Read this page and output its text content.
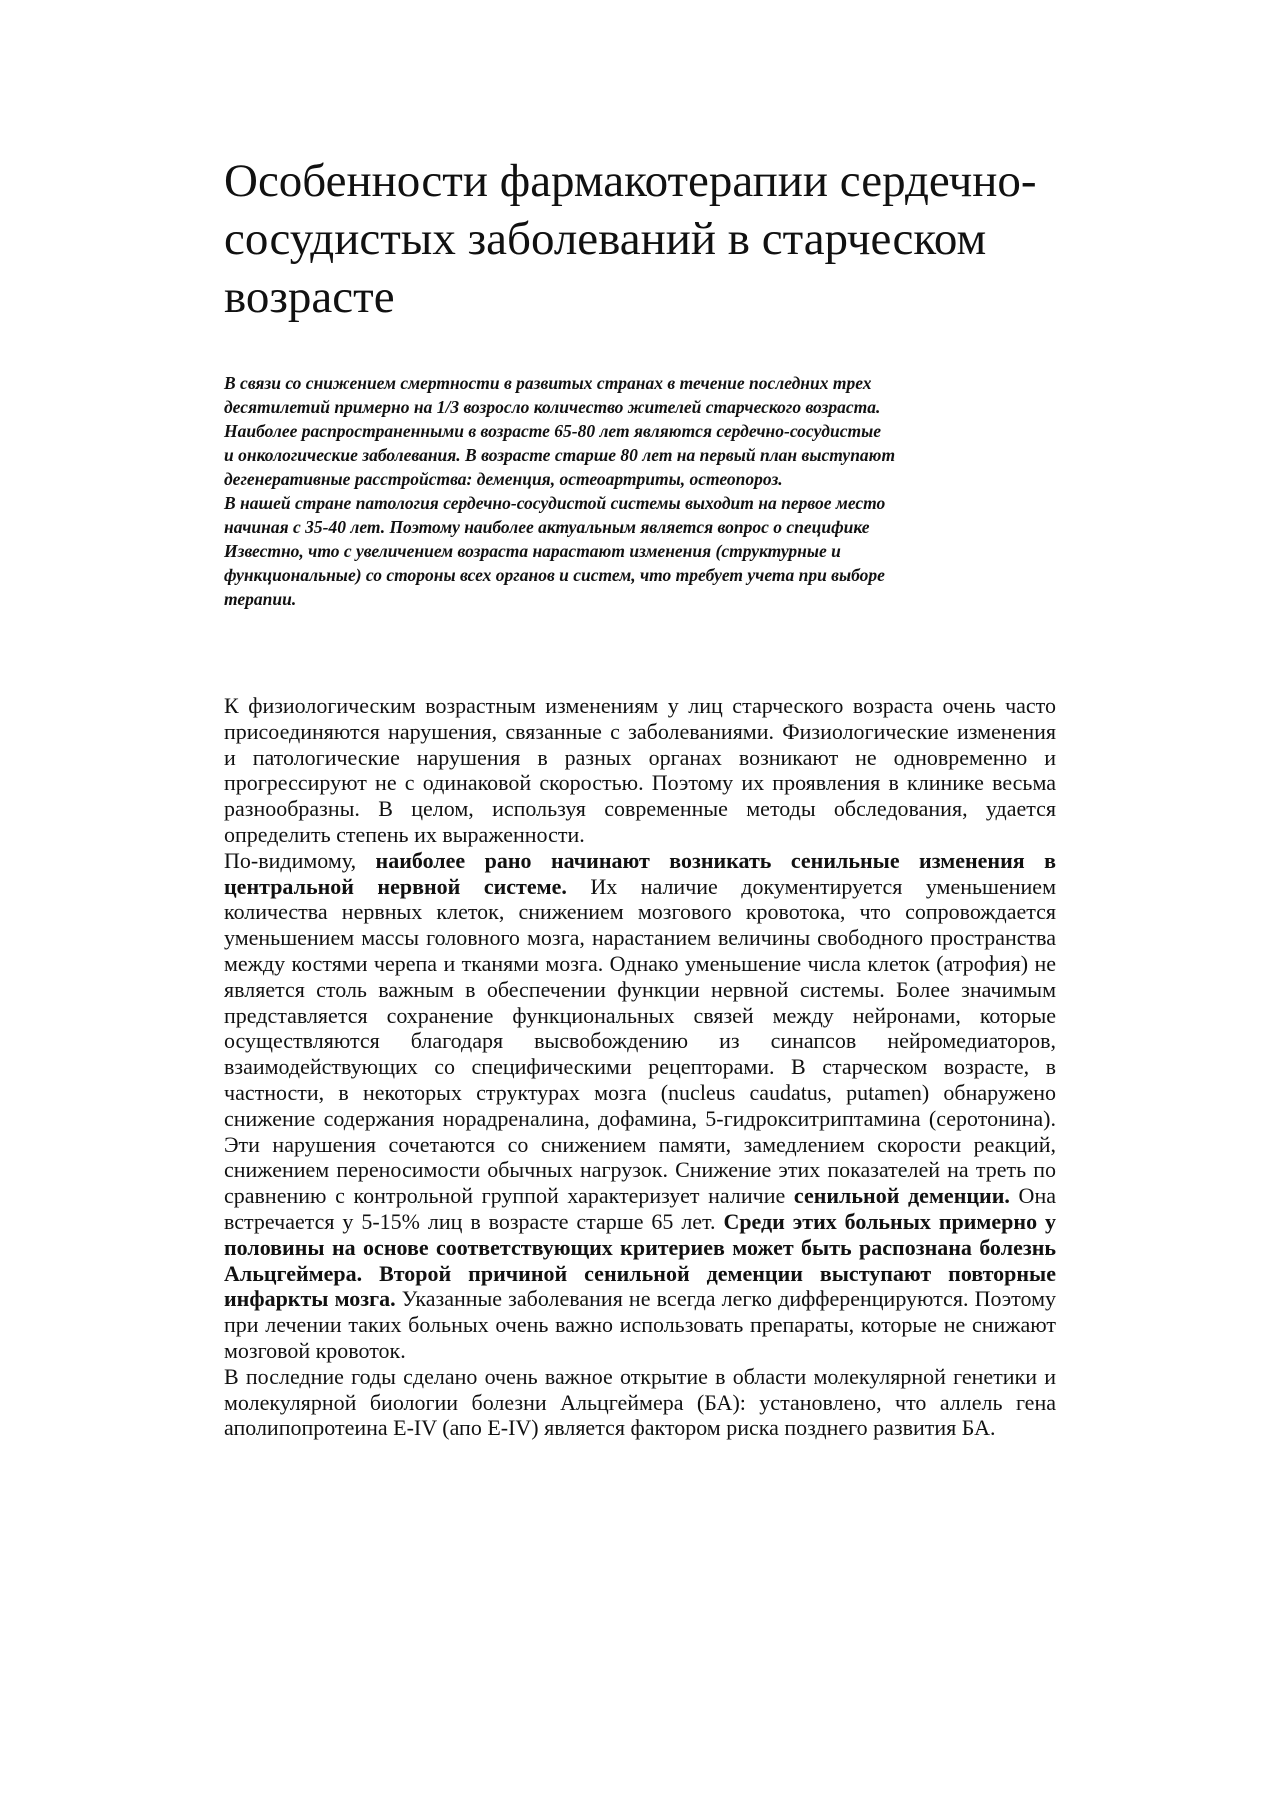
Особенности фармакотерапии сердечно-сосудистых заболеваний в старческом возрасте

В связи со снижением смертности в развитых странах в течение последних трех

десятилетий примерно на 1/3 возросло количество жителей старческого возраста.

Наиболее распространенными в возрасте 65-80 лет являются сердечно-сосудистые

и онкологические заболевания. В возрасте старше 80 лет на первый план выступают

дегенеративные расстройства: деменция, остеоартриты, остеопороз.

В нашей стране патология сердечно-сосудистой системы выходит на первое место

начиная с 35-40 лет. Поэтому наиболее актуальным является вопрос о специфике

Известно, что с увеличением возраста нарастают изменения (структурные и

функциональные) со стороны всех органов и систем, что требует учета при выборе

терапии.

К физиологическим возрастным изменениям у лиц старческого возраста очень часто присоединяются нарушения, связанные с заболеваниями. Физиологические изменения и патологические нарушения в разных органах возникают не одновременно и прогрессируют не с одинаковой скоростью. Поэтому их проявления в клинике весьма разнообразны. В целом, используя современные методы обследования, удается определить степень их выраженности.

По-видимому, наиболее рано начинают возникать сенильные изменения в центральной нервной системе. Их наличие документируется уменьшением количества нервных клеток, снижением мозгового кровотока, что сопровождается уменьшением массы головного мозга, нарастанием величины свободного пространства между костями черепа и тканями мозга. Однако уменьшение числа клеток (атрофия) не является столь важным в обеспечении функции нервной системы. Более значимым представляется сохранение функциональных связей между нейронами, которые осуществляются благодаря высвобождению из синапсов нейромедиаторов, взаимодействующих со специфическими рецепторами. В старческом возрасте, в частности, в некоторых структурах мозга (nucleus caudatus, putamen) обнаружено снижение содержания норадреналина, дофамина, 5-гидрокситриптамина (серотонина). Эти нарушения сочетаются со снижением памяти, замедлением скорости реакций, снижением переносимости обычных нагрузок. Снижение этих показателей на треть по сравнению с контрольной группой характеризует наличие сенильной деменции. Она встречается у 5-15% лиц в возрасте старше 65 лет. Среди этих больных примерно у половины на основе соответствующих критериев может быть распознана болезнь Альцгеймера. Второй причиной сенильной деменции выступают повторные инфаркты мозга. Указанные заболевания не всегда легко дифференцируются. Поэтому при лечении таких больных очень важно использовать препараты, которые не снижают мозговой кровоток.

В последние годы сделано очень важное открытие в области молекулярной генетики и молекулярной биологии болезни Альцгеймера (БА): установлено, что аллель гена аполипопротеина E-IV (апо E-IV) является фактором риска позднего развития БА.
